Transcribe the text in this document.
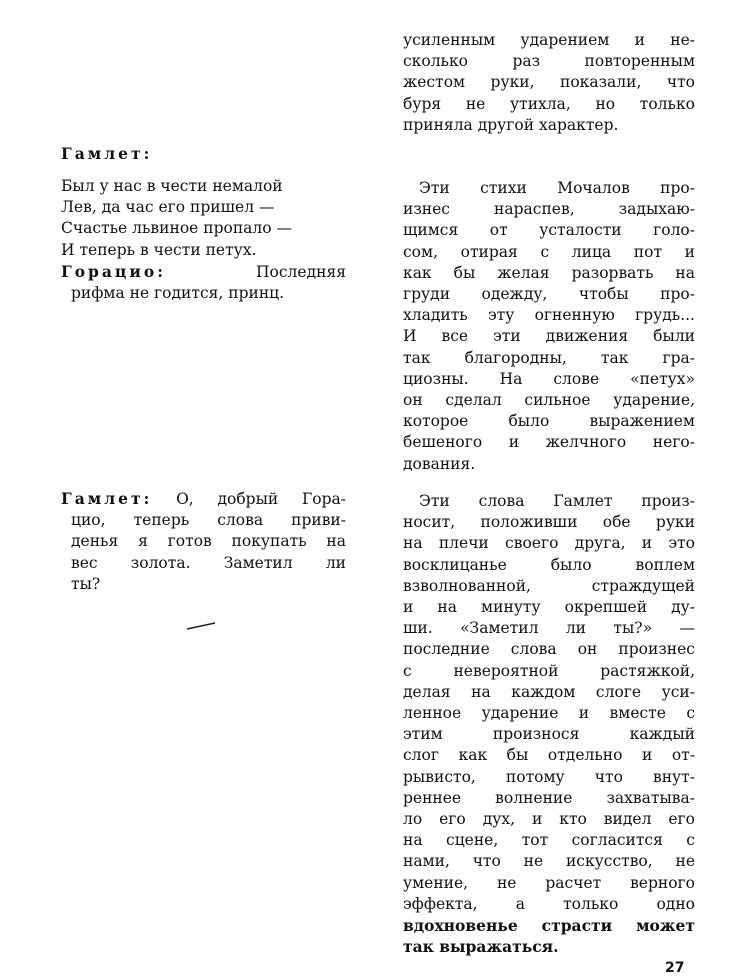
усиленным ударением и не-
сколько раз повторенным
жестом руки, показали, что
буря не утихла, но только
приняла другой характер.
Гамлет:
Был у нас в чести немалой
Лев, да час его пришел —
Счастье львиное пропало —
И теперь в чести петух.
Горацио:	Последняя
рифма не годится, принц.
Эти стихи Мочалов про-
изнес нараспев, задыхаю-
щимся от усталости голо-
сом, отирая с лица пот и
как бы желая разорвать на
груди одежду, чтобы про-
хладить эту огненную грудь...
И все эти движения были
так благородны, так гра-
циозны. На слове «петух»
он сделал сильное ударение,
которое было выражением
бешеного и желчного него-
дования.
Гамлет: О, добрый Гора-
цио, теперь слова приви-
денья я готов покупать на
вес золота. Заметил ли
ты?
Эти слова Гамлет произ-
носит, положивши обе руки
на плечи своего друга, и это
восклицанье было воплем
взволнованной, страждущей
и на минуту окрепшей ду-
ши. «Заметил ли ты?» —
последние слова он произнес
с невероятной растяжкой,
делая на каждом слоге уси-
ленное ударение и вместе с
этим произнося каждый
слог как бы отдельно и от-
рывисто, потому что внут-
реннее волнение захватыва-
ло его дух, и кто видел его
на сцене, тот согласится с
нами, что не искусство, не
умение, не расчет верного
эффекта, а только одно
вдохновенье страсти может
так выражаться.
27
